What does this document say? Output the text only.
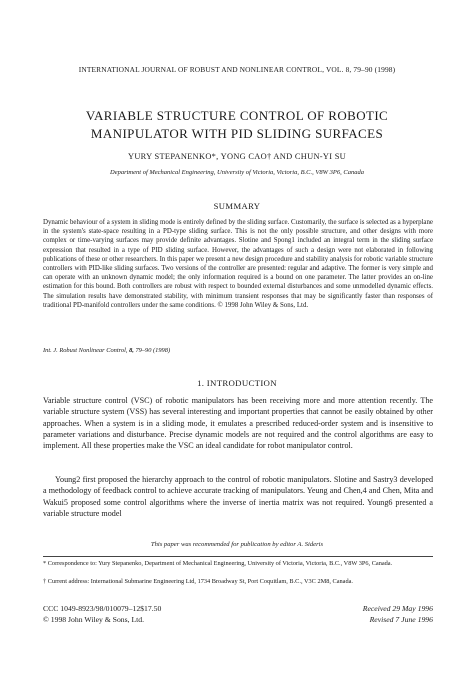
INTERNATIONAL JOURNAL OF ROBUST AND NONLINEAR CONTROL, VOL. 8, 79–90 (1998)
VARIABLE STRUCTURE CONTROL OF ROBOTIC
MANIPULATOR WITH PID SLIDING SURFACES
YURY STEPANENKO*, YONG CAO† AND CHUN-YI SU
Department of Mechanical Engineering, University of Victoria, Victoria, B.C., V8W 3P6, Canada
SUMMARY
Dynamic behaviour of a system in sliding mode is entirely defined by the sliding surface. Customarily, the surface is selected as a hyperplane in the system's state-space resulting in a PD-type sliding surface. This is not the only possible structure, and other designs with more complex or time-varying surfaces may provide definite advantages. Slotine and Spong1 included an integral term in the sliding surface expression that resulted in a type of PID sliding surface. However, the advantages of such a design were not elaborated in following publications of these or other researchers. In this paper we present a new design procedure and stability analysis for robotic variable structure controllers with PID-like sliding surfaces. Two versions of the controller are presented: regular and adaptive. The former is very simple and can operate with an unknown dynamic model; the only information required is a bound on one parameter. The latter provides an on-line estimation for this bound. Both controllers are robust with respect to bounded external disturbances and some unmodelled dynamic effects. The simulation results have demonstrated stability, with minimum transient responses that may be significantly faster than responses of traditional PD-manifold controllers under the same conditions. © 1998 John Wiley & Sons, Ltd.
Int. J. Robust Nonlinear Control, 8, 79–90 (1998)
1. INTRODUCTION
Variable structure control (VSC) of robotic manipulators has been receiving more and more attention recently. The variable structure system (VSS) has several interesting and important properties that cannot be easily obtained by other approaches. When a system is in a sliding mode, it emulates a prescribed reduced-order system and is insensitive to parameter variations and disturbance. Precise dynamic models are not required and the control algorithms are easy to implement. All these properties make the VSC an ideal candidate for robot manipulator control.
Young2 first proposed the hierarchy approach to the control of robotic manipulators. Slotine and Sastry3 developed a methodology of feedback control to achieve accurate tracking of manipulators. Yeung and Chen,4 and Chen, Mita and Wakui5 proposed some control algorithms where the inverse of inertia matrix was not required. Young6 presented a variable structure model
This paper was recommended for publication by editor A. Sideris
* Correspondence to: Yury Stepanenko, Department of Mechanical Engineering, University of Victoria, Victoria, B.C., V8W 3P6, Canada.
† Current address: International Submarine Engineering Ltd, 1734 Broadway St, Port Coquitlam, B.C., V3C 2M8, Canada.
CCC 1049-8923/98/010079–12$17.50
© 1998 John Wiley & Sons, Ltd.
Received 29 May 1996
Revised 7 June 1996
